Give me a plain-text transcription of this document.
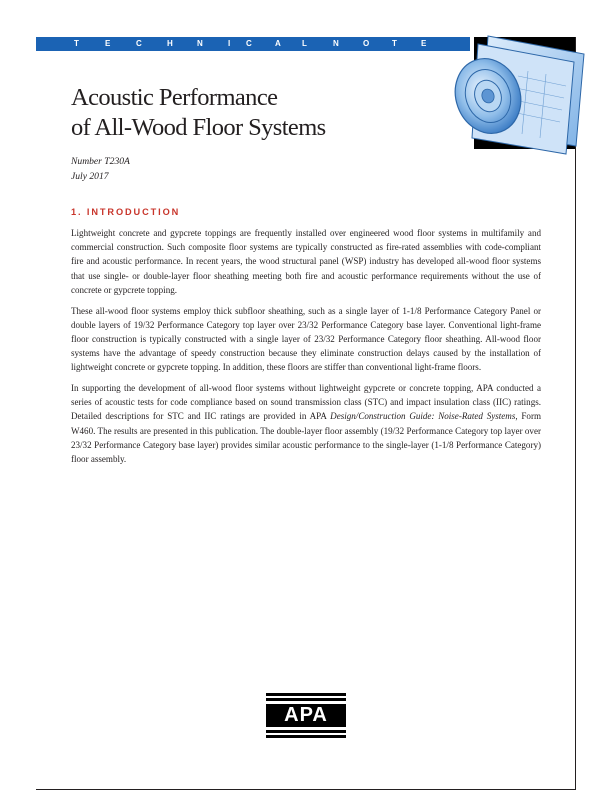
T	E	C	H	N	I C	A	L	N	O	T	E
Acoustic Performance
of All-Wood Floor Systems

Number T230A
July 2017

1. INTRODUCTION

Lightweight concrete and gypcrete toppings are frequently installed over engineered wood floor systems in multifamily and commercial construction. Such composite floor systems are typically constructed as fire-rated assemblies with code-compliant fire and acoustic performance. In recent years, the wood structural panel (WSP) industry has developed all-wood floor systems that use single- or double-layer floor sheathing meeting both fire and acoustic performance requirements without the use of concrete or gypcrete topping.

These all-wood floor systems employ thick subfloor sheathing, such as a single layer of 1-1/8 Performance Category Panel or double layers of 19/32 Performance Category top layer over 23/32 Performance Category base layer. Conventional light-frame floor construction is typically constructed with a single layer of 23/32 Performance Category floor sheathing. All-wood floor systems have the advantage of speedy construction because they eliminate construction delays caused by the installation of lightweight concrete or gypcrete topping. In addition, these floors are stiffer than conventional light-frame floors.

In supporting the development of all-wood floor systems without lightweight gypcrete or concrete topping, APA conducted a series of acoustic tests for code compliance based on sound transmission class (STC) and impact insulation class (IIC) ratings. Detailed descriptions for STC and IIC ratings are provided in APA Design/Construction Guide: Noise-Rated Systems, Form W460. The results are presented in this publication. The double-layer floor assembly (19/32 Performance Category top layer over 23/32 Performance Category base layer) provides similar acoustic performance to the single-layer (1-1/8 Performance Category) floor assembly.

APA
